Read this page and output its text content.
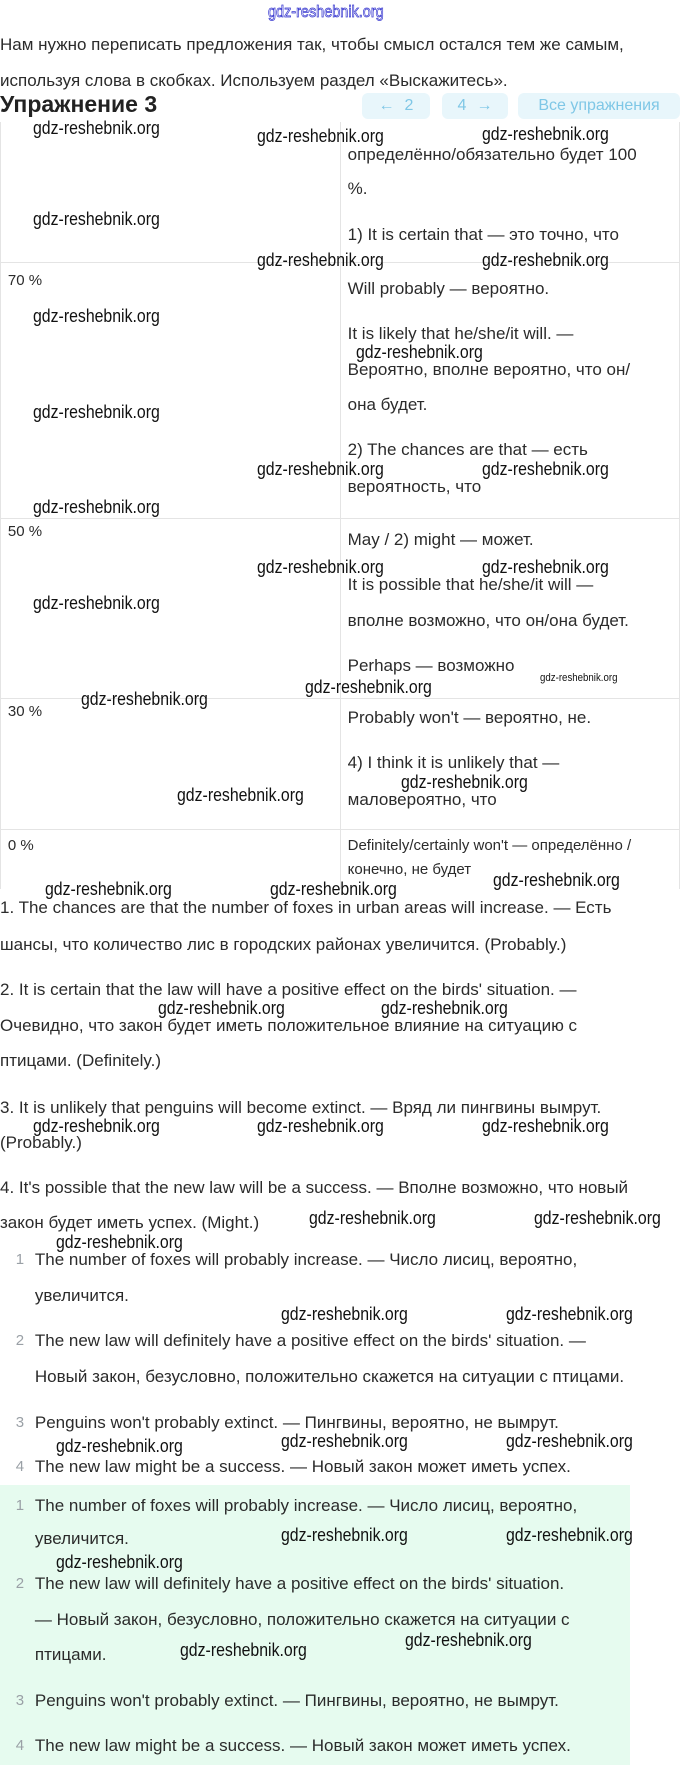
gdz-reshebnik.org
Упражнение 3	← 2	4 →	Все упражнения
Нам нужно переписать предложения так, чтобы смысл остался тем же самым,
используя слова в скобках. Используем раздел «Выскажитесь».
определённо/обязательно будет 100
%.
1) It is certain that — это точно, что
70 %	Will probably — вероятно.
It is likely that he/she/it will. —
Вероятно, вполне вероятно, что он/
она будет.
2) The chances are that — есть
вероятность, что
50 %	May / 2) might — может.
It is possible that he/she/it will —
вполне возможно, что он/она будет.
Perhaps — возможно
30 %	Probably won't — вероятно, не.
4) I think it is unlikely that —
маловероятно, что
0 %	Definitely/certainly won't — определённо /
конечно, не будет
1. The chances are that the number of foxes in urban areas will increase. — Есть
шансы, что количество лис в городских районах увеличится. (Probably.)
2. It is certain that the law will have a positive effect on the birds' situation. —
Очевидно, что закон будет иметь положительное влияние на ситуацию с
птицами. (Definitely.)
3. It is unlikely that penguins will become extinct. — Вряд ли пингвины вымрут.
(Probably.)
4. It's possible that the new law will be a success. — Вполне возможно, что новый
закон будет иметь успех. (Might.)
1 The number of foxes will probably increase. — Число лисиц, вероятно,
увеличится.
2 The new law will definitely have a positive effect on the birds' situation. —
Новый закон, безусловно, положительно скажется на ситуации с птицами.
3 Penguins won't probably extinct. — Пингвины, вероятно, не вымрут.
4 The new law might be a success. — Новый закон может иметь успех.
1 The number of foxes will probably increase. — Число лисиц, вероятно,
увеличится.
2 The new law will definitely have a positive effect on the birds' situation.
— Новый закон, безусловно, положительно скажется на ситуации с
птицами.
3 Penguins won't probably extinct. — Пингвины, вероятно, не вымрут.
4 The new law might be a success. — Новый закон может иметь успех.
gdz-reshebnik.org	gdz-reshebnik.org	gdz-reshebnik.org
gdz-reshebnik.org
gdz-reshebnik.org	gdz-reshebnik.org
gdz-reshebnik.org
gdz-reshebnik.org
gdz-reshebnik.org
gdz-reshebnik.org	gdz-reshebnik.org
gdz-reshebnik.org
gdz-reshebnik.org	gdz-reshebnik.org
gdz-reshebnik.org
gdz-reshebnik.org
gdz-reshebnik.org
gdz-reshebnik.org
gdz-reshebnik.org
gdz-reshebnik.org	gdz-reshebnik.org	gdz-reshebnik.org
gdz-reshebnik.org	gdz-reshebnik.org
gdz-reshebnik.org	gdz-reshebnik.org	gdz-reshebnik.org
gdz-reshebnik.org	gdz-reshebnik.org
gdz-reshebnik.org
gdz-reshebnik.org	gdz-reshebnik.org
gdz-reshebnik.org	gdz-reshebnik.org
gdz-reshebnik.org
gdz-reshebnik.org	gdz-reshebnik.org
gdz-reshebnik.org
gdz-reshebnik.org
gdz-reshebnik.org
gdz-reshebnik.org
